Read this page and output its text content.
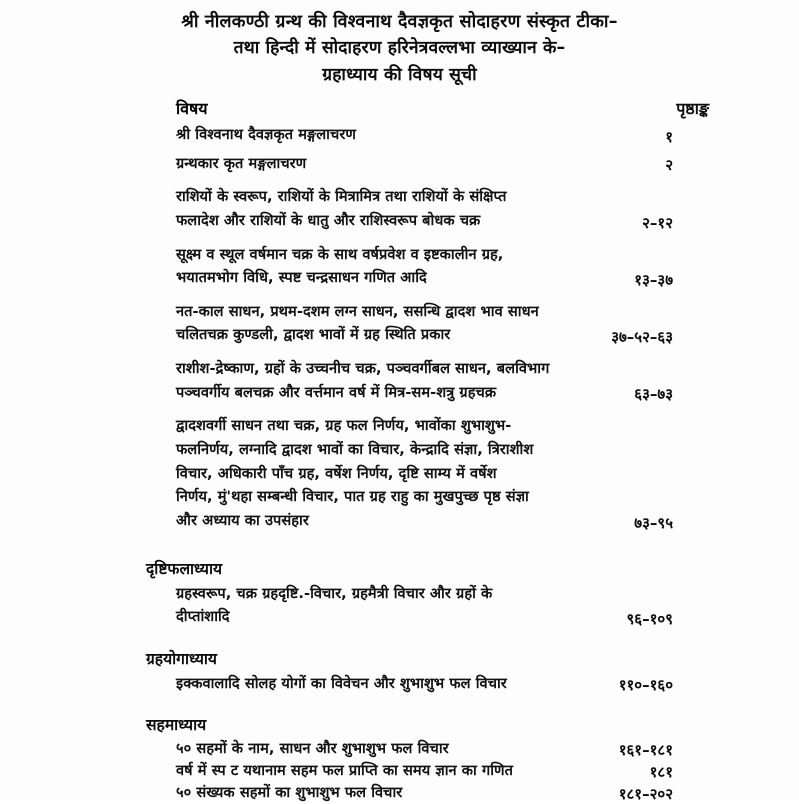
श्री नीलकण्ठी ग्रन्थ की विश्वनाथ दैवज्ञकृत सोदाहरण संस्कृत टीका–
तथा हिन्दी में सोदाहरण हरिनेत्रवल्लभा व्याख्यान के–
ग्रहाध्याय की विषय सूची
विषय	पृष्ठाङ्क
श्री विश्वनाथ दैवज्ञकृत मङ्गलाचरण	१
ग्रन्थकार कृत मङ्गलाचरण	२
राशियों के स्वरूप, राशियों के मित्रामित्र तथा राशियों के संक्षिप्त
फलादेश और राशियों के धातु और राशिस्वरूप बोधक चक्र	२–१२
सूक्ष्म व स्थूल वर्षमान चक्र के साथ वर्षप्रवेश व इष्टकालीन ग्रह,
भयातमभोग विधि, स्पष्ट चन्द्रसाधन गणित आदि	१३–३७
नत-काल साधन, प्रथम-दशम लग्न साधन, ससन्धि द्वादश भाव साधन
चलितचक्र कुण्डली, द्वादश भावों में ग्रह स्थिति प्रकार	३७–५२–६३
राशीश-द्रेष्काण, ग्रहों के उच्चनीच चक्र, पञ्चवर्गीबल साधन, बलविभाग
पञ्चवर्गीय बलचक्र और वर्त्तमान वर्ष में मित्र-सम-शत्रु ग्रहचक्र	६३–७३
द्वादशवर्गी साधन तथा चक्र, ग्रह फल निर्णय, भावोंका शुभाशुभ-
फलनिर्णय, लग्नादि द्वादश भावों का विचार, केन्द्रादि संज्ञा, त्रिराशीश
विचार, अधिकारी पाँच ग्रह, वर्षेश निर्णय, दृष्टि साम्य में वर्षेश
निर्णय, मुं'थहा सम्बन्धी विचार, पात ग्रह राहु का मुखपुच्छ पृष्ठ संज्ञा
और अध्याय का उपसंहार	७३–९५
दृष्टिफलाध्याय
ग्रहस्वरूप, चक्र ग्रहदृष्टि.-विचार, ग्रहमैत्री विचार और ग्रहों के
दीप्तांशादि	९६–१०९
ग्रहयोगाध्याय
इक्कवालादि सोलह योगों का विवेचन और शुभाशुभ फल विचार	११०–१६०
सहमाध्याय
५० सहमों के नाम, साधन और शुभाशुभ फल विचार	१६१–१८१
वर्ष में स्प ट यथानाम सहम फल प्राप्ति का समय ज्ञान का गणित	१८१
५० संख्यक सहमों का शुभाशुभ फल विचार	१८१–२०२
